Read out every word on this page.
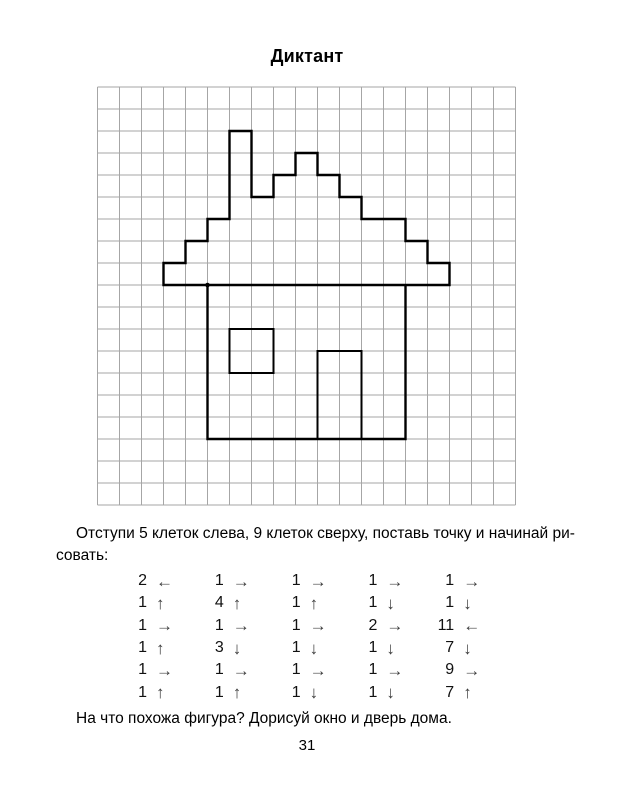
Диктант
Отступи 5 клеток слева, 9 клеток сверху, поставь точку и начинай ри-
совать:
2 ←	1 →	1 →	1 →	1 →
1 ↑	4 ↑	1 ↑	1 ↓	1 ↓
1 →	1 →	1 →	2 →	11 ←
1 ↑	3 ↓	1 ↓	1 ↓	7 ↓
1 →	1 →	1 →	1 →	9 →
1 ↑	1 ↑	1 ↓	1 ↓	7 ↑
На что похожа фигура? Дорисуй окно и дверь дома.
31
